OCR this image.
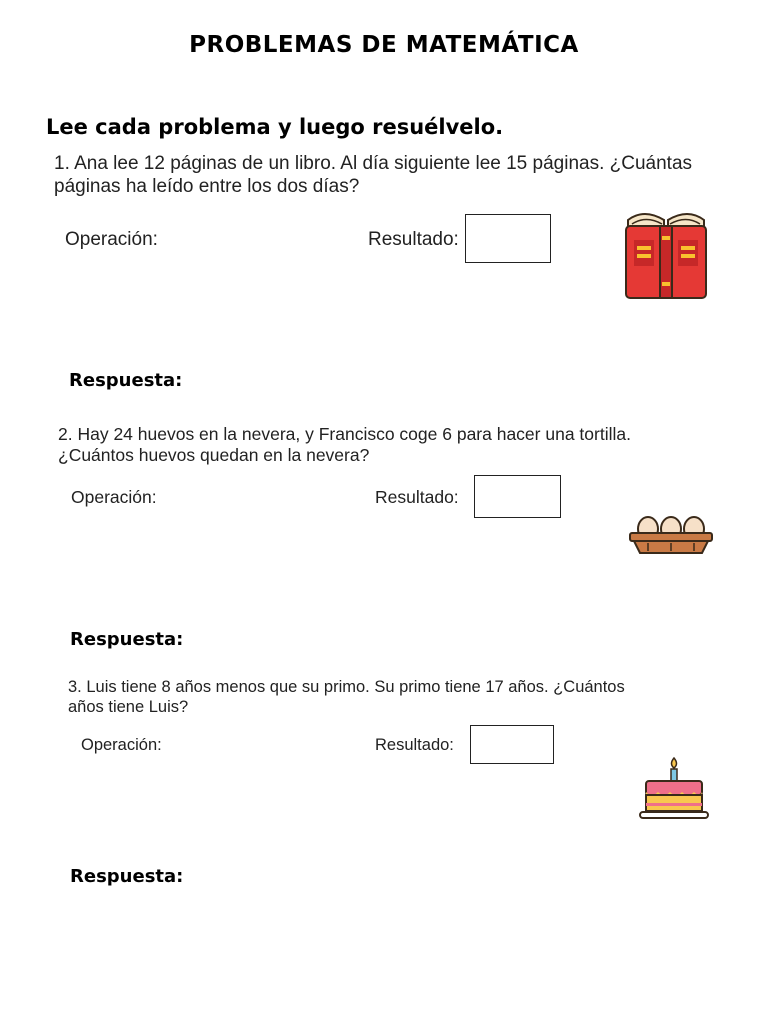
PROBLEMAS DE MATEMÁTICA
Lee cada problema y luego resuélvelo.
1. Ana lee 12 páginas de un libro. Al día siguiente lee 15 páginas. ¿Cuántas
páginas ha leído entre los dos días?
Operación:	Resultado:
Respuesta:
2. Hay 24 huevos en la nevera, y Francisco coge 6 para hacer una tortilla.
¿Cuántos huevos quedan en la nevera?
Operación:	Resultado:
Respuesta:
3. Luis tiene 8 años menos que su primo. Su primo tiene 17 años. ¿Cuántos
años tiene Luis?
Operación:	Resultado:
Respuesta:
